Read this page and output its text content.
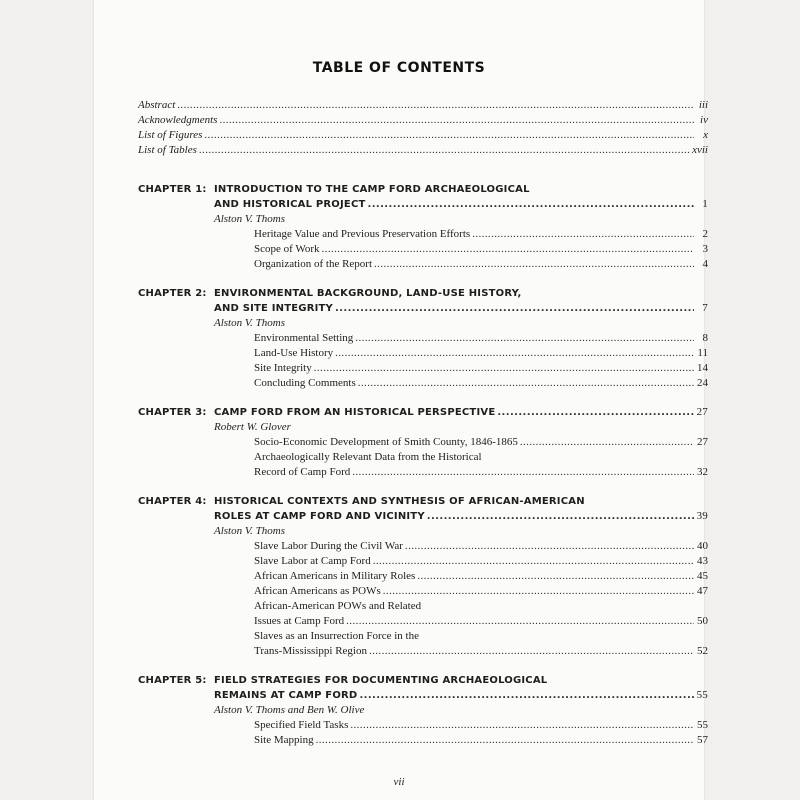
TABLE OF CONTENTS
Abstract .....	iii
Acknowledgments .....	iv
List of Figures .....	x
List of Tables .....	xvii
CHAPTER 1: INTRODUCTION TO THE CAMP FORD ARCHAEOLOGICAL
AND HISTORICAL PROJECT .....	1
Alston V. Thoms
Heritage Value and Previous Preservation Efforts .....	2
Scope of Work .....	3
Organization of the Report .....	4
CHAPTER 2: ENVIRONMENTAL BACKGROUND, LAND-USE HISTORY,
AND SITE INTEGRITY .....	7
Alston V. Thoms
Environmental Setting .....	8
Land-Use History .....	11
Site Integrity .....	14
Concluding Comments .....	24
CHAPTER 3: CAMP FORD FROM AN HISTORICAL PERSPECTIVE .....	27
Robert W. Glover
Socio-Economic Development of Smith County, 1846-1865 .....	27
Archaeologically Relevant Data from the Historical
Record of Camp Ford .....	32
CHAPTER 4: HISTORICAL CONTEXTS AND SYNTHESIS OF AFRICAN-AMERICAN
ROLES AT CAMP FORD AND VICINITY .....	39
Alston V. Thoms
Slave Labor During the Civil War .....	40
Slave Labor at Camp Ford .....	43
African Americans in Military Roles .....	45
African Americans as POWs .....	47
African-American POWs and Related
Issues at Camp Ford .....	50
Slaves as an Insurrection Force in the
Trans-Mississippi Region .....	52
CHAPTER 5: FIELD STRATEGIES FOR DOCUMENTING ARCHAEOLOGICAL
REMAINS AT CAMP FORD .....	55
Alston V. Thoms and Ben W. Olive
Specified Field Tasks .....	55
Site Mapping .....	57
vii
